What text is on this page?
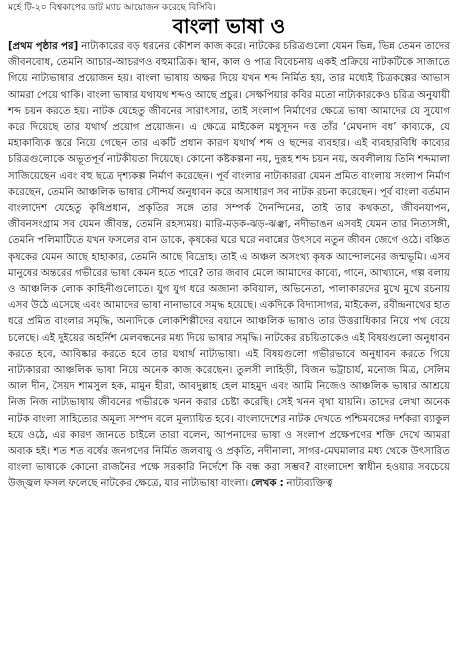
মর্হে টি-২০ বিশ্বকাপের ডাট ম্যাচ আয়োজন করেছে বিসিবি।
বাংলা ভাষা ও

[প্রথম পৃষ্ঠার পর] নাট্যকারের বড় ধরনের কৌশল কাজ করে। নাটকের চরিত্রগুলো যেমন ভিন্ন, ভিন্ন তেমন তাদের জীবনবোধ, তেমনি আচার-আচরণও বহুমাত্রিক। স্থান, কাল ও পাত্র বিবেচনায় একই প্রক্রিয়ে নাটকটিকে সাজাতে গিয়ে নাট্যভাষার প্রয়োজন হয়। বাংলা ভাষায় অক্ষর দিয়ে যখন শব্দ নির্মিত হয়, তার মধ্যেই চিত্রকল্পের আভাস আমরা পেয়ে থাকি। বাংলা ভাষার যথাযথ শব্দও আছে প্রচুর। সেক্ষপিয়ার কবির মতো নাট্যকারকেও চরিত্র অনুযায়ী শব্দ চয়ন করতে হয়। নাটক যেহেতু জীবনের সারাৎসার, তাই সংলাপ নির্মাণের ক্ষেত্রে ভাষা আমাদের যে সুযোগ করে দিয়েছে তার যথার্থ প্রয়োগ প্রয়োজন। এ ক্ষেত্রে মাইকেল মধুসূদন দত্ত তাঁর ‘মেঘনাদ বধ’ কাব্যকে, যে মহাকাব্যিক স্তরে নিয়ে গেছেন তার একটি প্রধান কারণ যথার্থ শব্দ ও ছন্দের ব্যবহার। এই ব্যবহারবিধি কাব্যের চরিত্রগুলোকে অভূতপূর্ব নাটকীয়তা দিয়েছে। কোনো কষ্টকল্পনা নয়, দুরূহ শব্দ চয়ন নয়, অবলীলায় তিনি শব্দমালা সাজিয়েছেন এবং বহু ছত্রে দৃশ্যকল্প নির্মাণ করেছেন। পূর্ব বাংলার নাট্যকাররা যেমন প্রমিত বাংলায় সংলাপ নির্মাণ করেছেন, তেমনি আঞ্চলিক ভাষার সৌন্দর্য অনুধাবন করে অসাধারণ সব নাটক রচনা করেছেন। পূর্ব বাংলা বর্তমান বাংলাদেশ যেহেতু কৃষিপ্রধান, প্রকৃতির সঙ্গে তার সম্পর্ক দৈনন্দিনের, তাই তার কথকতা, জীবনযাপন, জীবনসংগ্রাম সব যেমন জীবন্ত, তেমনি রহস্যময়। মারি-মড়ক-ঝড়-ঝঞ্ঝা, নদীভাঙন এসবই যেমন তার নিত্যসঙ্গী, তেমনি পলিমাটিতে যখন ফসলের বান ডাকে, কৃষকের ঘরে ঘরে নবান্নের উৎসবে নতুন জীবন জেগে ওঠে। বঞ্চিত কৃষকের যেমন আছে হাহাকার, তেমনি আছে বিদ্রোহ। তাই এ অঞ্চল অসংখ্য কৃষক আন্দোলনের জন্মভূমি। এসব মানুষের অন্তরের গভীরের ভাষা কেমন হতে পারে? তার জবাব মেলে আমাদের কাব্যে, গানে, আখ্যানে, গল্প বলায় ও আঞ্চলিক লোক কাহিনীগুলোতে। যুগ যুগ ধরে অজানা কবিয়াল, অভিনেতা, পালাকারদের মুখে মুখে রচনায় এসব উঠে এসেছে এবং আমাদের ভাষা নানাভাবে সমৃদ্ধ হয়েছে। একদিকে বিদ্যাসাগর, মাইকেল, রবীন্দ্রনাথের হাত ধরে প্রমিত বাংলার সমৃদ্ধি, অন্যদিকে লোকশিল্পীদের বয়ানে আঞ্চলিক ভাষাও তার উত্তরাধিকার নিয়ে পথ বেয়ে চলেছে। এই দুইয়ের অহর্নিশ মেলবন্ধনের মধ্য দিয়ে ভাষার সমৃদ্ধি। নাটকের রচয়িতাকেও এই বিষয়গুলো অনুধাবন করতে হবে, আবিষ্কার করতে হবে তার যথার্থ নাট্যভাষা। এই বিষয়গুলো গভীরভাবে অনুধাবন করতে গিয়ে নাট্যকাররা আঞ্চলিক ভাষা নিয়ে অনেক কাজ করেছেন। তুলসী লাহিড়ী, বিজন ভট্টাচার্য, মনোজ মিত্র, সেলিম আল দীন, সৈয়দ শামসুল হক, মামুন হীরা, আবদুল্লাহ হেল মাহমুদ এবং আমি নিজেও আঞ্চলিক ভাষার আশ্রয়ে নিজ নিজ নাট্যভাষায় জীবনের গভীরকে খনন করার চেষ্টা করেছি। সেই খনন বৃথা যায়নি। তাদের লেখা অনেক নাটক বাংলা সাহিত্যের অমূল্য সম্পদ বলে মূল্যায়িত হবে। বাংলাদেশের নাটক দেখতে পশ্চিমবঙ্গের দর্শকরা ব্যাকুল হয়ে ওঠে, এর কারণ জানতে চাইলে তারা বলেন, আপনাদের ভাষা ও সংলাপ প্রক্ষেপণের শক্তি দেখে আমরা অবাক হই। শত শত বর্ষের জনগণের নির্মিত জলবায়ু ও প্রকৃতি, নদীনালা, সাগর-মেঘমালার মধ্য থেকে উৎসারিত বাংলা ভাষাকে কোনো রাজনৈর পক্ষে সরকারি নির্দেশে কি বন্ধ করা সম্ভব? বাংলাদেশ স্বাধীন হওয়ার সবচেয়ে উজ্জ্বল ফসল ফলেছে নাটকের ক্ষেত্রে, যার নাট্যভাষা বাংলা। লেখক : নাট্যব্যক্তিত্ব
